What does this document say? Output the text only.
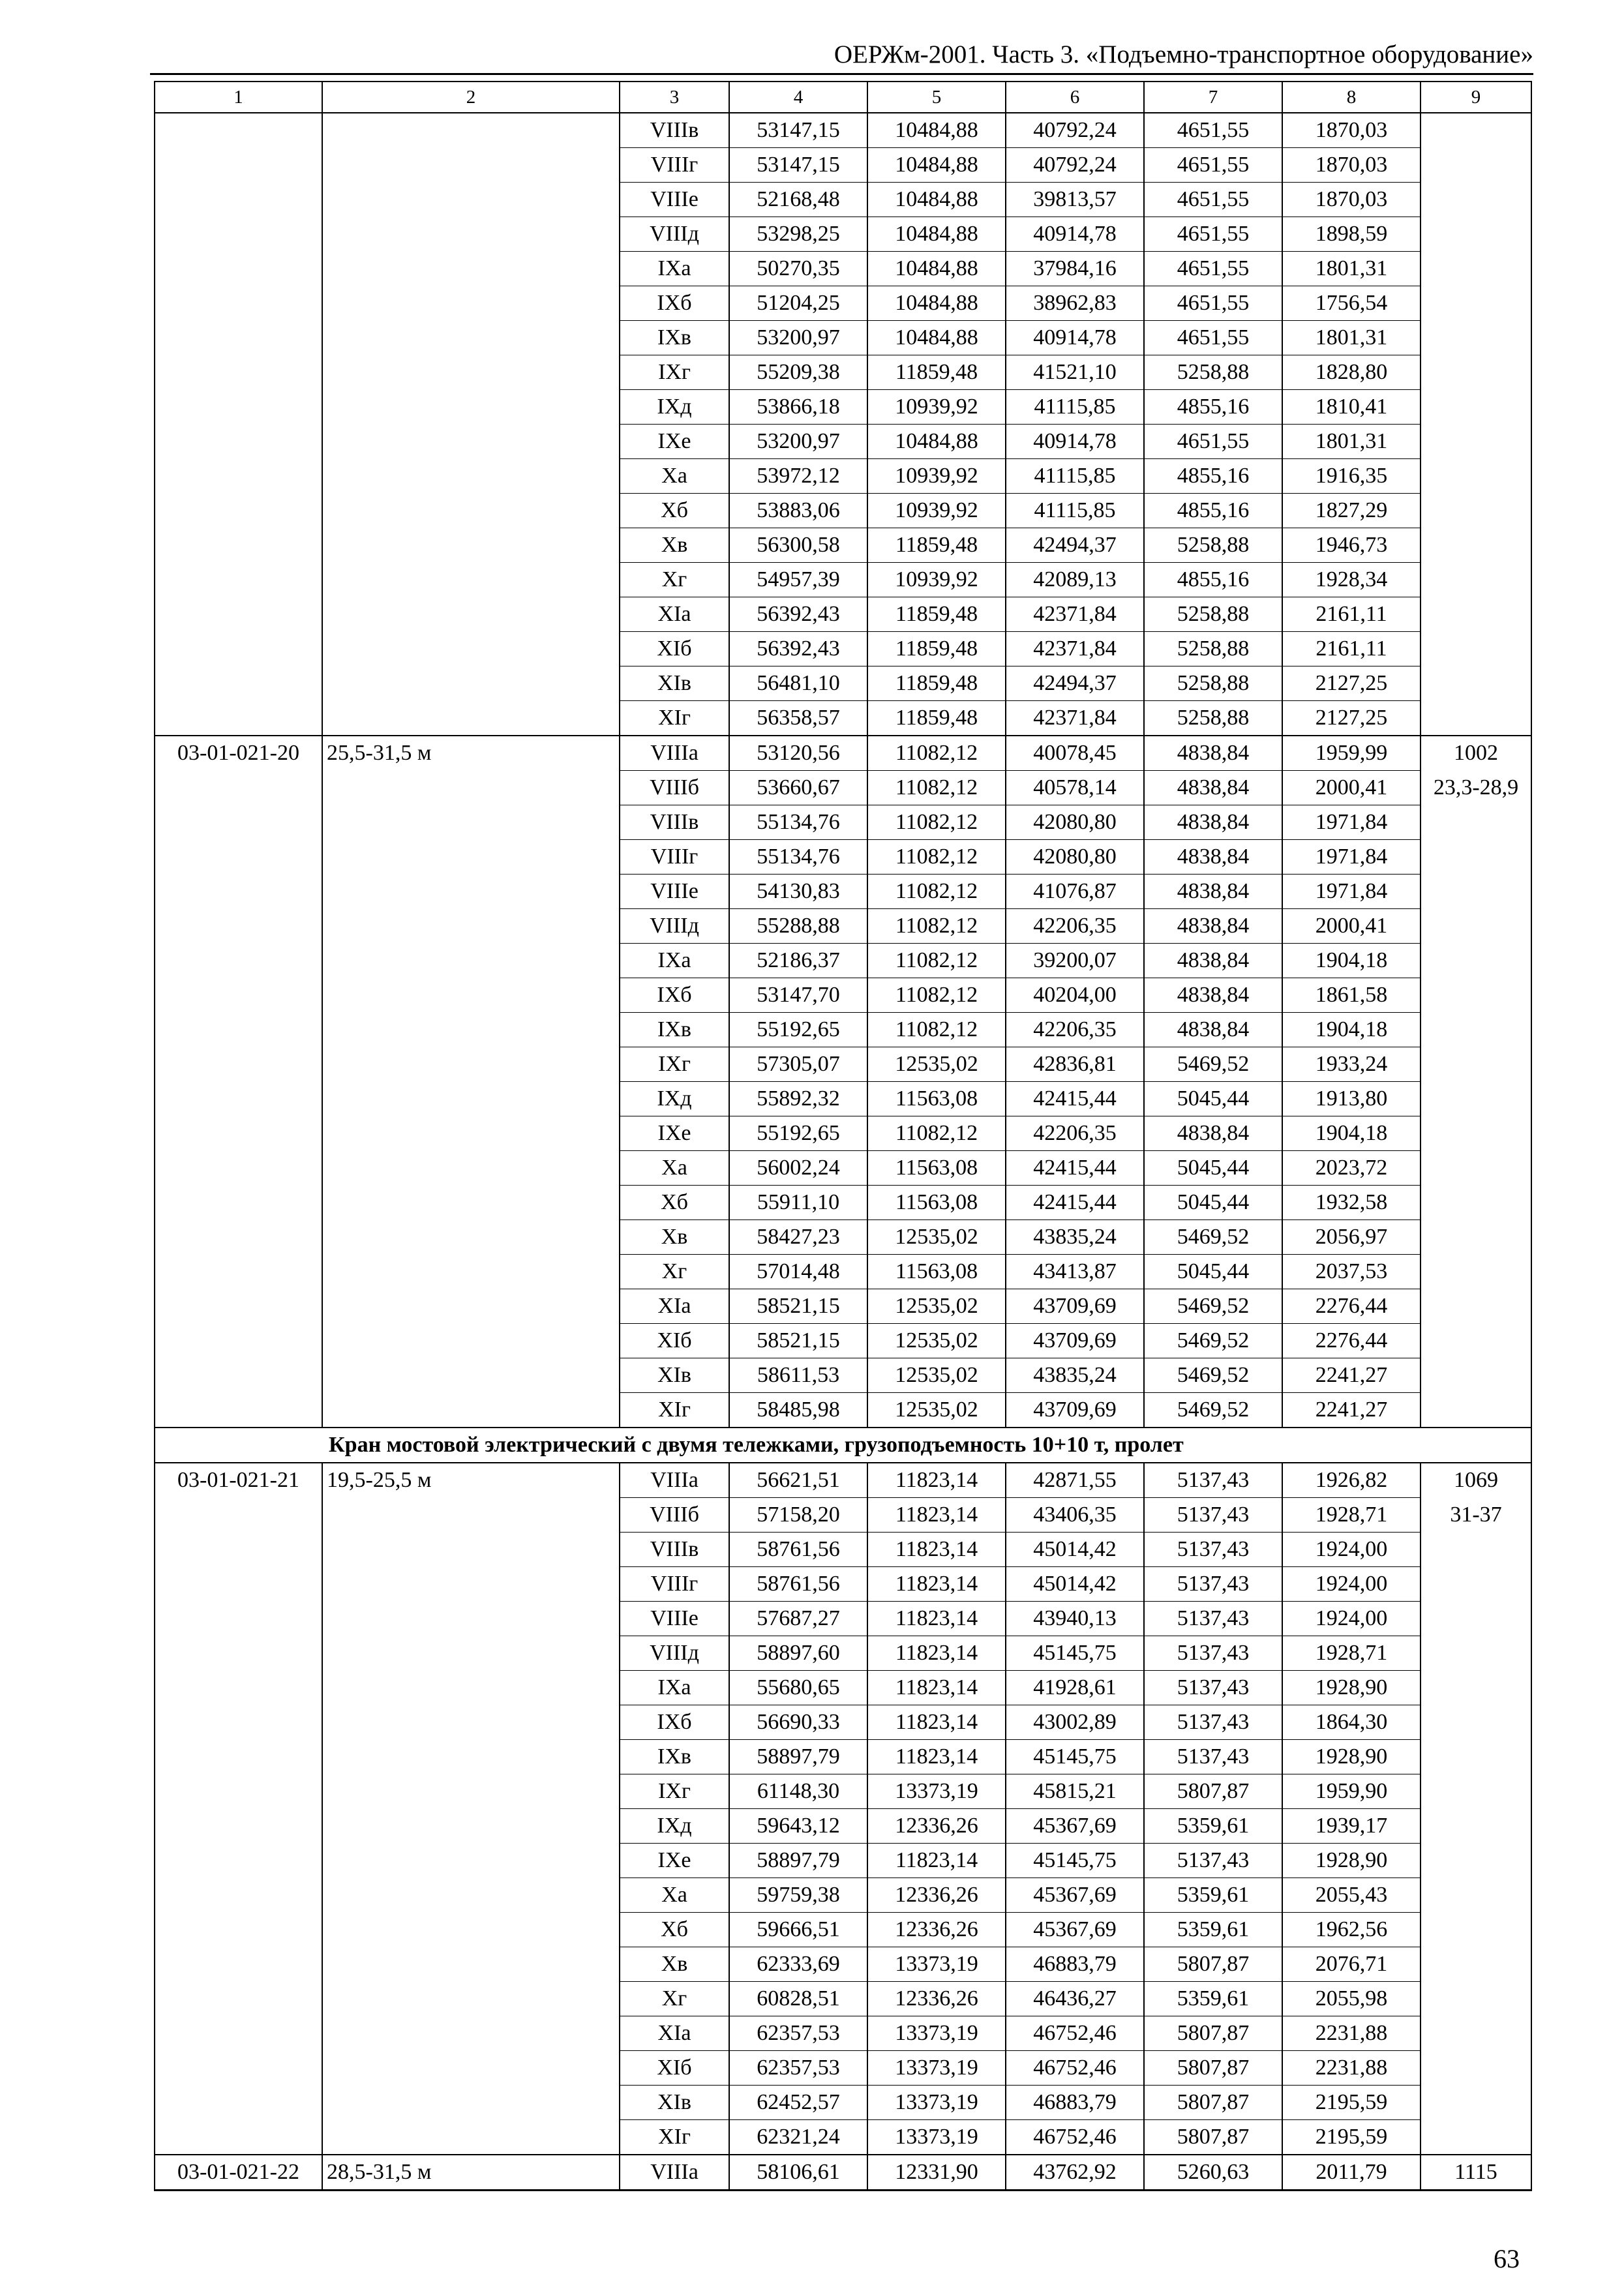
ОЕРЖм-2001. Часть 3. «Подъемно-транспортное оборудование»
1	2	3	4	5	6	7	8	9
		VIIIв	53147,15	10484,88	40792,24	4651,55	1870,03	
		VIIIг	53147,15	10484,88	40792,24	4651,55	1870,03	
		VIIIе	52168,48	10484,88	39813,57	4651,55	1870,03	
		VIIIд	53298,25	10484,88	40914,78	4651,55	1898,59	
		IXа	50270,35	10484,88	37984,16	4651,55	1801,31	
		IXб	51204,25	10484,88	38962,83	4651,55	1756,54	
		IXв	53200,97	10484,88	40914,78	4651,55	1801,31	
		IXг	55209,38	11859,48	41521,10	5258,88	1828,80	
		IXд	53866,18	10939,92	41115,85	4855,16	1810,41	
		IXе	53200,97	10484,88	40914,78	4651,55	1801,31	
		Xа	53972,12	10939,92	41115,85	4855,16	1916,35	
		Xб	53883,06	10939,92	41115,85	4855,16	1827,29	
		Xв	56300,58	11859,48	42494,37	5258,88	1946,73	
		Xг	54957,39	10939,92	42089,13	4855,16	1928,34	
		XIа	56392,43	11859,48	42371,84	5258,88	2161,11	
		XIб	56392,43	11859,48	42371,84	5258,88	2161,11	
		XIв	56481,10	11859,48	42494,37	5258,88	2127,25	
		XIг	56358,57	11859,48	42371,84	5258,88	2127,25	
03-01-021-20	25,5-31,5 м	VIIIа	53120,56	11082,12	40078,45	4838,84	1959,99	1002
		VIIIб	53660,67	11082,12	40578,14	4838,84	2000,41	23,3-28,9
		VIIIв	55134,76	11082,12	42080,80	4838,84	1971,84	
		VIIIг	55134,76	11082,12	42080,80	4838,84	1971,84	
		VIIIе	54130,83	11082,12	41076,87	4838,84	1971,84	
		VIIIд	55288,88	11082,12	42206,35	4838,84	2000,41	
		IXа	52186,37	11082,12	39200,07	4838,84	1904,18	
		IXб	53147,70	11082,12	40204,00	4838,84	1861,58	
		IXв	55192,65	11082,12	42206,35	4838,84	1904,18	
		IXг	57305,07	12535,02	42836,81	5469,52	1933,24	
		IXд	55892,32	11563,08	42415,44	5045,44	1913,80	
		IXе	55192,65	11082,12	42206,35	4838,84	1904,18	
		Xа	56002,24	11563,08	42415,44	5045,44	2023,72	
		Xб	55911,10	11563,08	42415,44	5045,44	1932,58	
		Xв	58427,23	12535,02	43835,24	5469,52	2056,97	
		Xг	57014,48	11563,08	43413,87	5045,44	2037,53	
		XIа	58521,15	12535,02	43709,69	5469,52	2276,44	
		XIб	58521,15	12535,02	43709,69	5469,52	2276,44	
		XIв	58611,53	12535,02	43835,24	5469,52	2241,27	
		XIг	58485,98	12535,02	43709,69	5469,52	2241,27	
Кран мостовой электрический с двумя тележками, грузоподъемность 10+10 т, пролет								
03-01-021-21	19,5-25,5 м	VIIIа	56621,51	11823,14	42871,55	5137,43	1926,82	1069
		VIIIб	57158,20	11823,14	43406,35	5137,43	1928,71	31-37
		VIIIв	58761,56	11823,14	45014,42	5137,43	1924,00	
		VIIIг	58761,56	11823,14	45014,42	5137,43	1924,00	
		VIIIе	57687,27	11823,14	43940,13	5137,43	1924,00	
		VIIIд	58897,60	11823,14	45145,75	5137,43	1928,71	
		IXа	55680,65	11823,14	41928,61	5137,43	1928,90	
		IXб	56690,33	11823,14	43002,89	5137,43	1864,30	
		IXв	58897,79	11823,14	45145,75	5137,43	1928,90	
		IXг	61148,30	13373,19	45815,21	5807,87	1959,90	
		IXд	59643,12	12336,26	45367,69	5359,61	1939,17	
		IXе	58897,79	11823,14	45145,75	5137,43	1928,90	
		Xа	59759,38	12336,26	45367,69	5359,61	2055,43	
		Xб	59666,51	12336,26	45367,69	5359,61	1962,56	
		Xв	62333,69	13373,19	46883,79	5807,87	2076,71	
		Xг	60828,51	12336,26	46436,27	5359,61	2055,98	
		XIа	62357,53	13373,19	46752,46	5807,87	2231,88	
		XIб	62357,53	13373,19	46752,46	5807,87	2231,88	
		XIв	62452,57	13373,19	46883,79	5807,87	2195,59	
		XIг	62321,24	13373,19	46752,46	5807,87	2195,59	
03-01-021-22	28,5-31,5 м	VIIIа	58106,61	12331,90	43762,92	5260,63	2011,79	1115
63
